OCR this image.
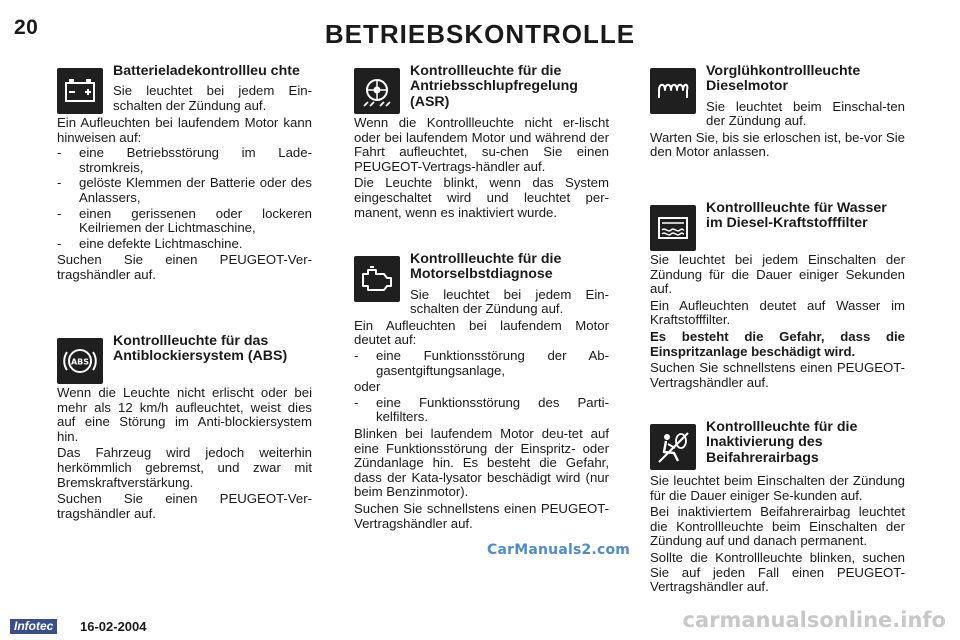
20	BETRIEBSKONTROLLE

Batterieladekontrollleu chte

Sie leuchtet bei jedem Ein-schalten der Zündung auf.

Ein Aufleuchten bei laufendem Motor kann hinweisen auf:

- eine Betriebsstörung im Lade-stromkreis,
- gelöste Klemmen der Batterie oder des Anlassers,
- einen gerissenen oder lockeren Keilriemen der Lichtmaschine,
- eine defekte Lichtmaschine.

Suchen Sie einen PEUGEOT-Ver-tragshändler auf.

ABS

Kontrollleuchte für das Antiblockiersystem (ABS)

Wenn die Leuchte nicht erlischt oder bei mehr als 12 km/h aufleuchtet, weist dies auf eine Störung im Anti-blockiersystem hin.

Das Fahrzeug wird jedoch weiterhin herkömmlich gebremst, und zwar mit Bremskraftverstärkung.

Suchen Sie einen PEUGEOT-Ver-tragshändler auf.

Kontrollleuchte für die Antriebsschlupfregelung (ASR)

Wenn die Kontrollleuchte nicht er-lischt oder bei laufendem Motor und während der Fahrt aufleuchtet, su-chen Sie einen PEUGEOT-Vertrags-händler auf.

Die Leuchte blinkt, wenn das System eingeschaltet wird und leuchtet per-manent, wenn es inaktiviert wurde.

Kontrollleuchte für die Motorselbstdiagnose

Sie leuchtet bei jedem Ein-schalten der Zündung auf.

Ein Aufleuchten bei laufendem Motor deutet auf:

- eine Funktionsstörung der Ab-gasentgiftungsanlage,

oder

- eine Funktionsstörung des Parti-kelfilters.

Blinken bei laufendem Motor deu-tet auf eine Funktionsstörung der Einspritz- oder Zündanlage hin. Es besteht die Gefahr, dass der Kata-lysator beschädigt wird (nur beim Benzinmotor).

Suchen Sie schnellstens einen PEUGEOT-Vertragshändler auf.

Vorglühkontrollleuchte Dieselmotor

Sie leuchtet beim Einschal-ten der Zündung auf.

Warten Sie, bis sie erloschen ist, be-vor Sie den Motor anlassen.

Kontrollleuchte für Wasser im Diesel-Kraftstofffilter

Sie leuchtet bei jedem Einschalten der Zündung für die Dauer einiger Sekunden auf.

Ein Aufleuchten deutet auf Wasser im Kraftstofffilter.

Es besteht die Gefahr, dass die Einspritzanlage beschädigt wird.

Suchen Sie schnellstens einen PEUGEOT-Vertragshändler auf.

Kontrollleuchte für die Inaktivierung des Beifahrerairbags

Sie leuchtet beim Einschalten der Zündung für die Dauer einiger Se-kunden auf.

Bei inaktiviertem Beifahrerairbag leuchtet die Kontrollleuchte beim Einschalten der Zündung auf und danach permanent.

Sollte die Kontrollleuchte blinken, suchen Sie auf jeden Fall einen PEUGEOT-Vertragshändler auf.

CarManuals2.com
carmanualsonline.info
Infotec	16-02-2004
